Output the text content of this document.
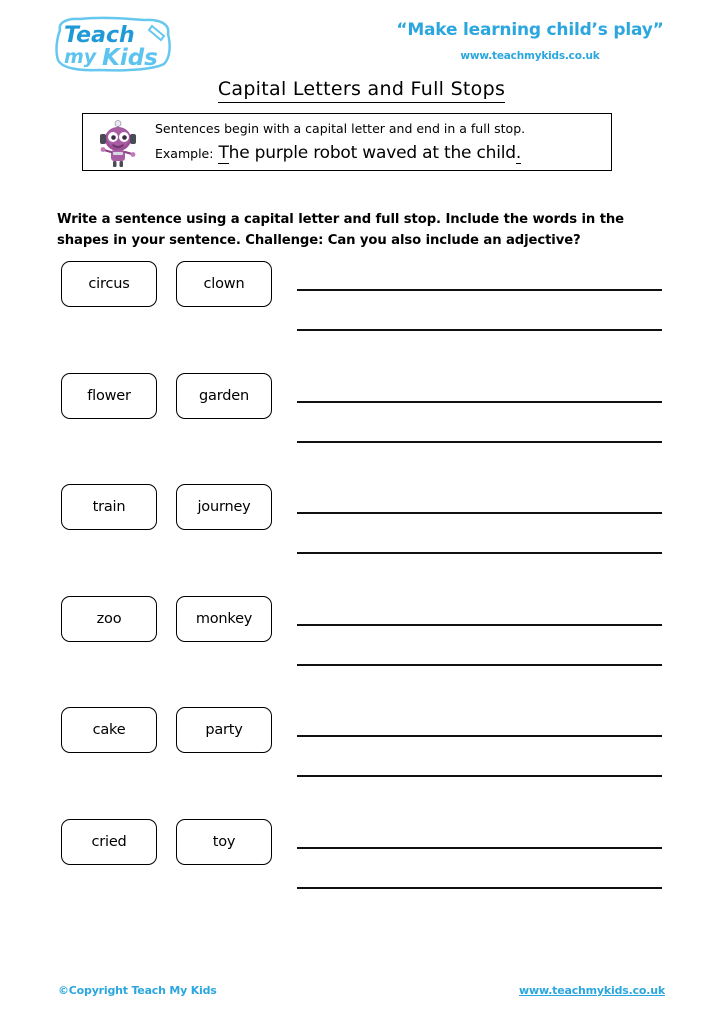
Teach
my Kids
“Make learning child’s play”
www.teachmykids.co.uk
Capital Letters and Full Stops
Sentences begin with a capital letter and end in a full stop.
Example: The purple robot waved at the child.
Write a sentence using a capital letter and full stop. Include the words in the shapes in your sentence. Challenge: Can you also include an adjective?
circus	clown
flower	garden
train	journey
zoo	monkey
cake	party
cried	toy
©Copyright Teach My Kids	www.teachmykids.co.uk
